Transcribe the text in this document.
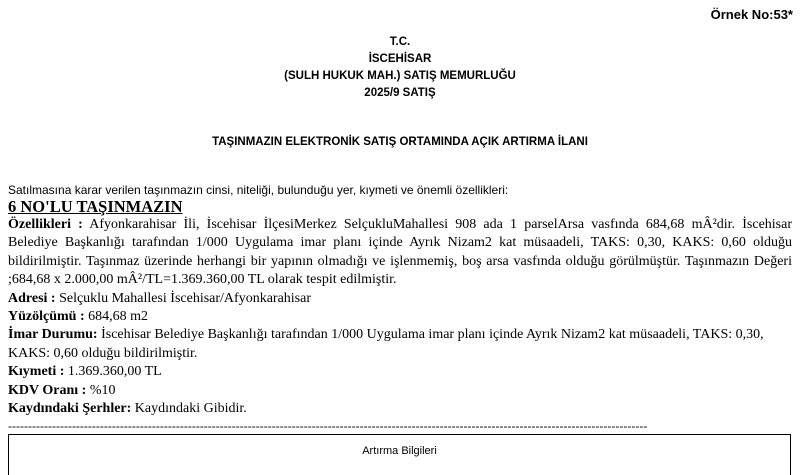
Örnek No:53*
T.C.
İSCEHİSAR
(SULH HUKUK MAH.) SATIŞ MEMURLUĞU
2025/9 SATIŞ
TAŞINMAZIN ELEKTRONİK SATIŞ ORTAMINDA AÇIK ARTIRMA İLANI
Satılmasına karar verilen taşınmazın cinsi, niteliği, bulunduğu yer, kıymeti ve önemli özellikleri:

6 NO'LU TAŞINMAZIN

Özellikleri : Afyonkarahisar İli, İscehisar İlçesiMerkez SelçukluMahallesi 908 ada 1 parselArsa vasfında 684,68 mÂ²dir. İscehisar Belediye Başkanlığı tarafından 1/000 Uygulama imar planı içinde Ayrık Nizam2 kat müsaadeli, TAKS: 0,30, KAKS: 0,60 olduğu bildirilmiştir. Taşınmaz üzerinde herhangi bir yapının olmadığı ve işlenmemiş, boş arsa vasfında olduğu görülmüştür. Taşınmazın Değeri ;684,68 x 2.000,00 mÂ²/TL=1.369.360,00 TL olarak tespit edilmiştir.

Adresi : Selçuklu Mahallesi İscehisar/Afyonkarahisar

Yüzölçümü : 684,68 m2

İmar Durumu: İscehisar Belediye Başkanlığı tarafından 1/000 Uygulama imar planı içinde Ayrık Nizam2 kat müsaadeli, TAKS: 0,30, KAKS: 0,60 olduğu bildirilmiştir.

Kıymeti : 1.369.360,00 TL

KDV Oranı : %10

Kaydındaki Şerhler: Kaydındaki Gibidir.

----------------------------------------------------------------------------------------------------------------------------------------------------------------
Artırma Bilgileri
